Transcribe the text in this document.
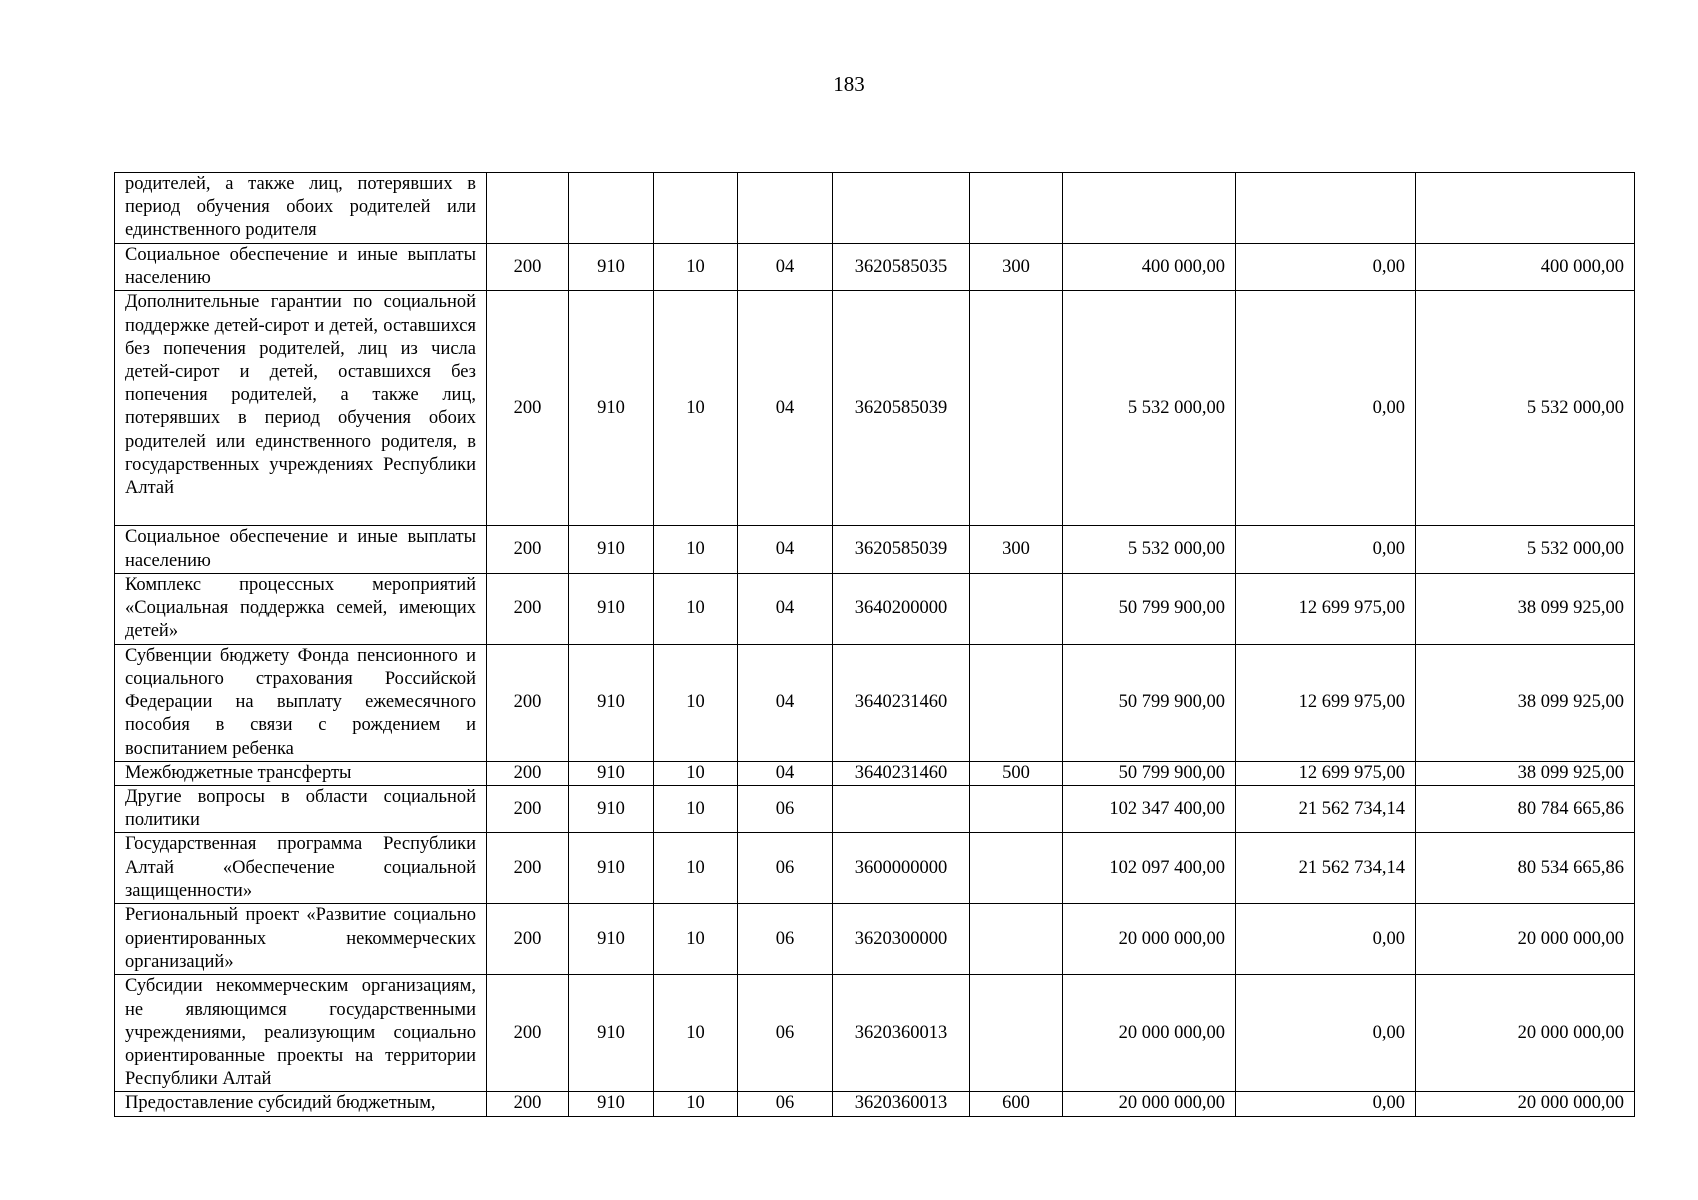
183
родителей, а также лиц, потерявших в период обучения обоих родителей или единственного родителя									
Социальное обеспечение и иные выплаты населению	200	910	10	04	3620585035	300	400 000,00	0,00	400 000,00
Дополнительные гарантии по социальной поддержке детей-сирот и детей, оставшихся без попечения родителей, лиц из числа детей-сирот и детей, оставшихся без попечения родителей, а также лиц, потерявших в период обучения обоих родителей или единственного родителя, в государственных учреждениях Республики Алтай	200	910	10	04	3620585039		5 532 000,00	0,00	5 532 000,00
Социальное обеспечение и иные выплаты населению	200	910	10	04	3620585039	300	5 532 000,00	0,00	5 532 000,00
Комплекс процессных мероприятий «Социальная поддержка семей, имеющих детей»	200	910	10	04	3640200000		50 799 900,00	12 699 975,00	38 099 925,00
Субвенции бюджету Фонда пенсионного и социального страхования Российской Федерации на выплату ежемесячного пособия в связи с рождением и воспитанием ребенка	200	910	10	04	3640231460		50 799 900,00	12 699 975,00	38 099 925,00
Межбюджетные трансферты	200	910	10	04	3640231460	500	50 799 900,00	12 699 975,00	38 099 925,00
Другие вопросы в области социальной политики	200	910	10	06			102 347 400,00	21 562 734,14	80 784 665,86
Государственная программа Республики Алтай «Обеспечение социальной защищенности»	200	910	10	06	3600000000		102 097 400,00	21 562 734,14	80 534 665,86
Региональный проект «Развитие социально ориентированных некоммерческих организаций»	200	910	10	06	3620300000		20 000 000,00	0,00	20 000 000,00
Субсидии некоммерческим организациям, не являющимся государственными учреждениями, реализующим социально ориентированные проекты на территории Республики Алтай	200	910	10	06	3620360013		20 000 000,00	0,00	20 000 000,00
Предоставление субсидий бюджетным,	200	910	10	06	3620360013	600	20 000 000,00	0,00	20 000 000,00
